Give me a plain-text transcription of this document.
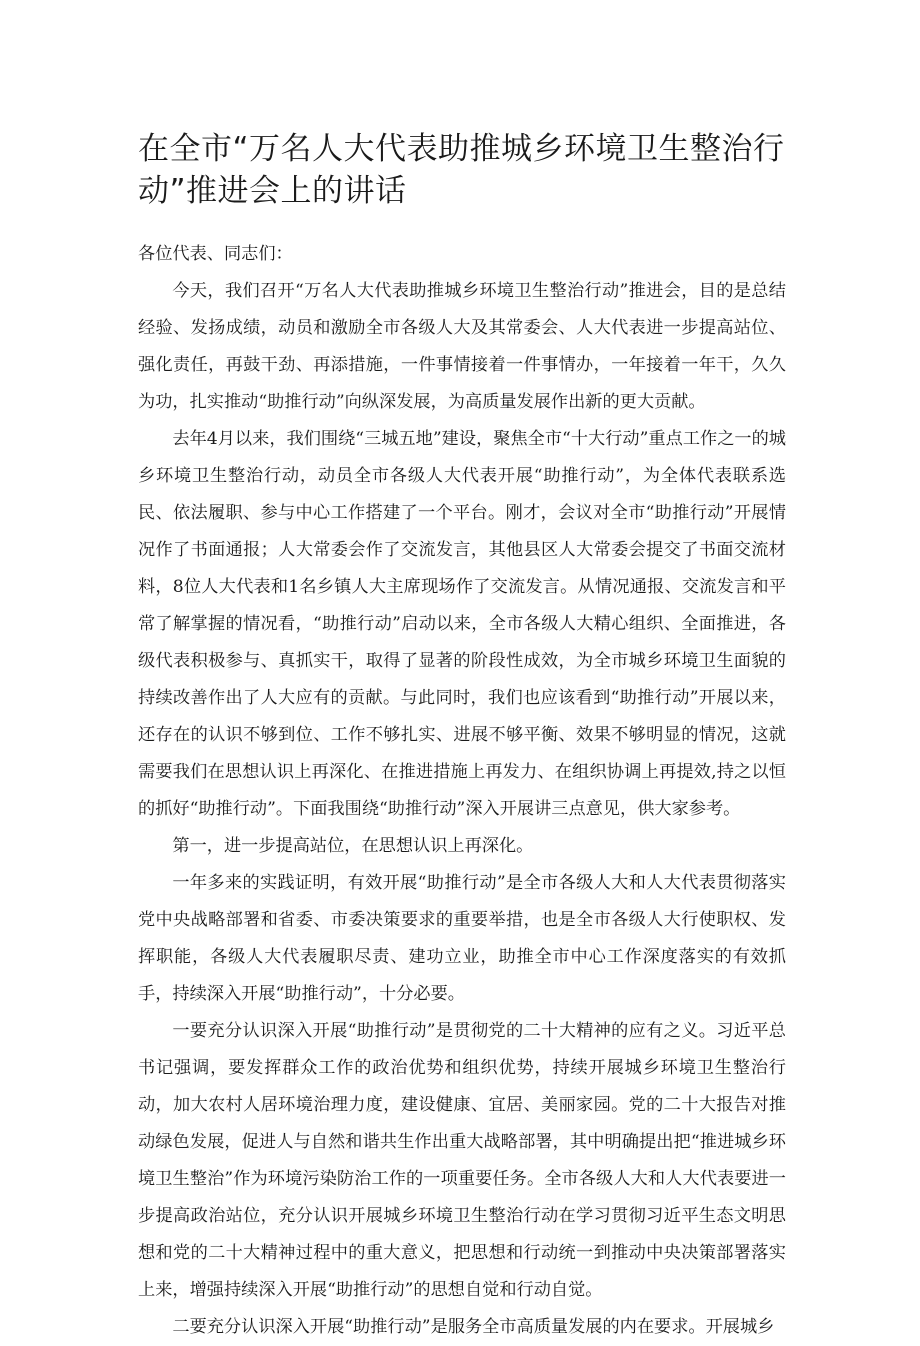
在全市“万名人大代表助推城乡环境卫生整治行动”推进会上的讲话

各位代表、同志们：

今天，我们召开“万名人大代表助推城乡环境卫生整治行动”推进会，目的是总结经验、发扬成绩，动员和激励全市各级人大及其常委会、人大代表进一步提高站位、强化责任，再鼓干劲、再添措施，一件事情接着一件事情办，一年接着一年干，久久为功，扎实推动“助推行动”向纵深发展，为高质量发展作出新的更大贡献。

去年4月以来，我们围绕“三城五地”建设，聚焦全市“十大行动”重点工作之一的城乡环境卫生整治行动，动员全市各级人大代表开展“助推行动”，为全体代表联系选民、依法履职、参与中心工作搭建了一个平台。刚才，会议对全市“助推行动”开展情况作了书面通报；人大常委会作了交流发言，其他县区人大常委会提交了书面交流材料，8位人大代表和1名乡镇人大主席现场作了交流发言。从情况通报、交流发言和平常了解掌握的情况看，“助推行动”启动以来，全市各级人大精心组织、全面推进，各级代表积极参与、真抓实干，取得了显著的阶段性成效，为全市城乡环境卫生面貌的持续改善作出了人大应有的贡献。与此同时，我们也应该看到“助推行动”开展以来，还存在的认识不够到位、工作不够扎实、进展不够平衡、效果不够明显的情况，这就需要我们在思想认识上再深化、在推进措施上再发力、在组织协调上再提效,持之以恒的抓好“助推行动”。下面我围绕“助推行动”深入开展讲三点意见，供大家参考。

第一，进一步提高站位，在思想认识上再深化。

一年多来的实践证明，有效开展“助推行动”是全市各级人大和人大代表贯彻落实党中央战略部署和省委、市委决策要求的重要举措，也是全市各级人大行使职权、发挥职能，各级人大代表履职尽责、建功立业，助推全市中心工作深度落实的有效抓手，持续深入开展“助推行动”，十分必要。

一要充分认识深入开展“助推行动”是贯彻党的二十大精神的应有之义。习近平总书记强调，要发挥群众工作的政治优势和组织优势，持续开展城乡环境卫生整治行动，加大农村人居环境治理力度，建设健康、宜居、美丽家园。党的二十大报告对推动绿色发展，促进人与自然和谐共生作出重大战略部署，其中明确提出把“推进城乡环境卫生整治”作为环境污染防治工作的一项重要任务。全市各级人大和人大代表要进一步提高政治站位，充分认识开展城乡环境卫生整治行动在学习贯彻习近平生态文明思想和党的二十大精神过程中的重大意义，把思想和行动统一到推动中央决策部署落实上来，增强持续深入开展“助推行动”的思想自觉和行动自觉。

二要充分认识深入开展“助推行动”是服务全市高质量发展的内在要求。开展城乡
